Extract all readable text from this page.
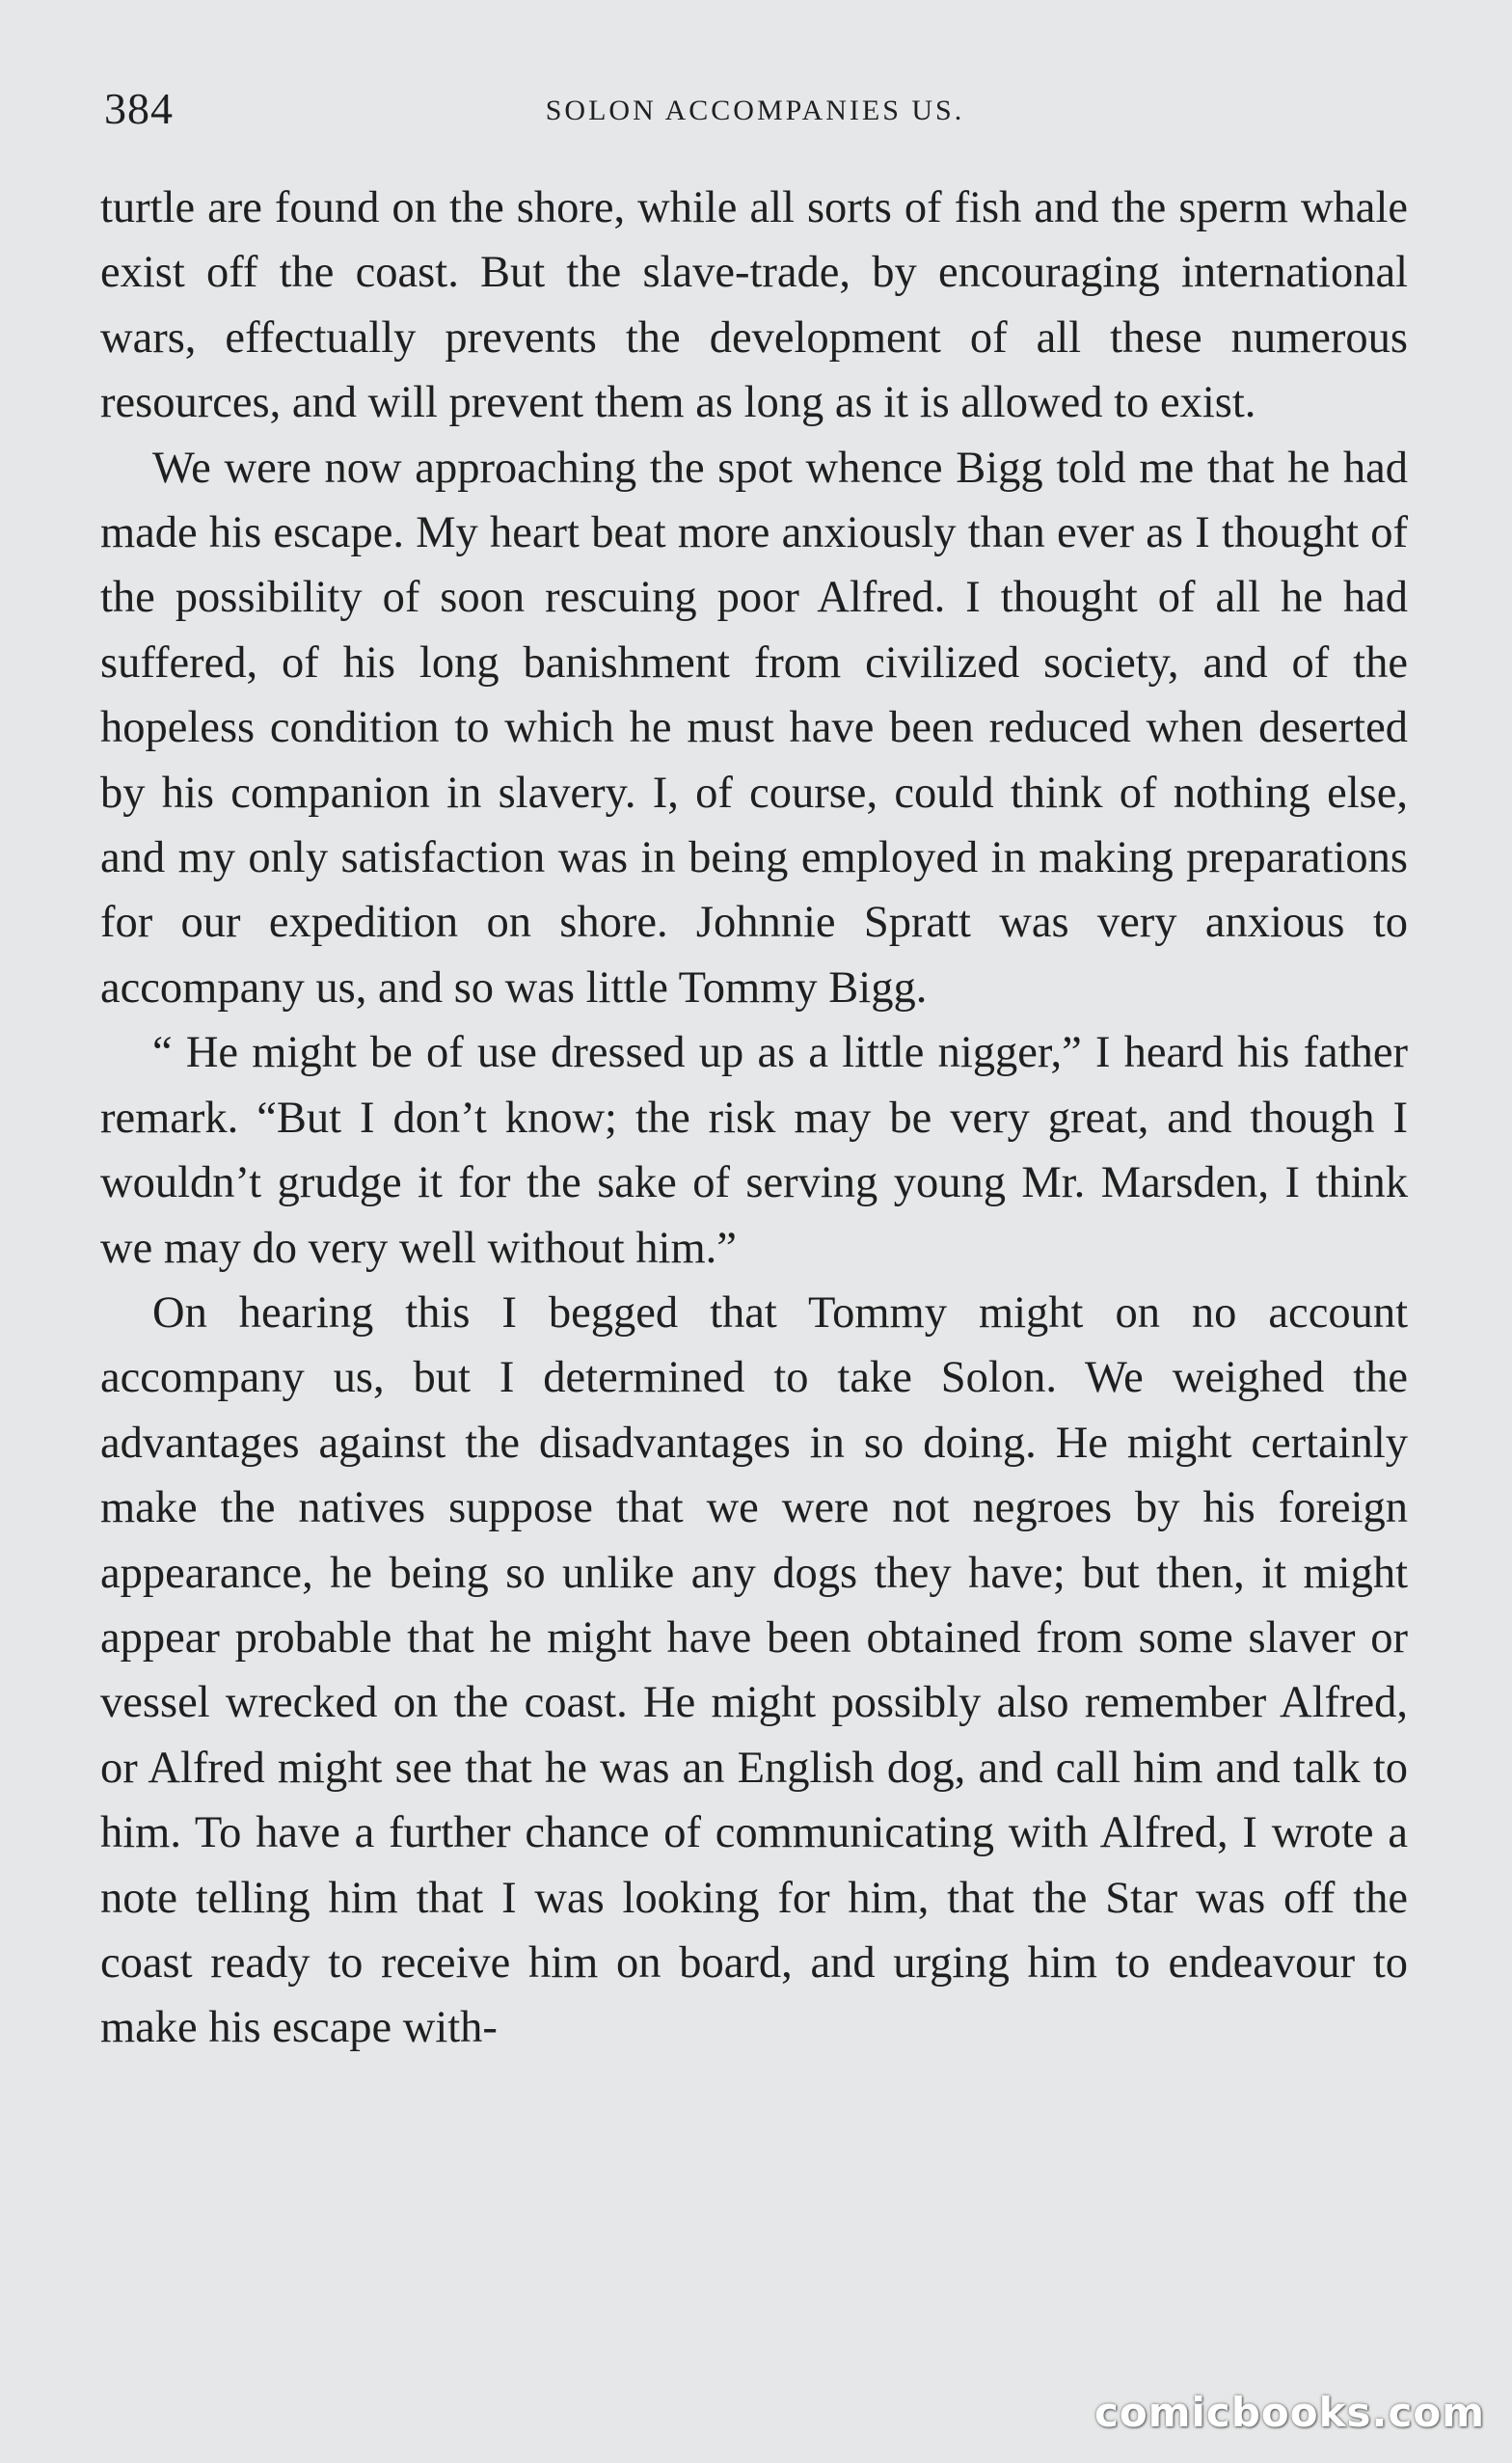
384	SOLON ACCOMPANIES US.

turtle are found on the shore, while all sorts of fish and the sperm whale exist off the coast. But the slave-trade, by encouraging international wars, effectually prevents the development of all these numerous resources, and will prevent them as long as it is allowed to exist.

We were now approaching the spot whence Bigg told me that he had made his escape. My heart beat more anxiously than ever as I thought of the possibility of soon rescuing poor Alfred. I thought of all he had suffered, of his long banishment from civilized society, and of the hopeless condition to which he must have been reduced when deserted by his companion in slavery. I, of course, could think of nothing else, and my only satisfaction was in being employed in making preparations for our expedition on shore. Johnnie Spratt was very anxious to accompany us, and so was little Tommy Bigg.

“ He might be of use dressed up as a little nigger,” I heard his father remark. “But I don’t know; the risk may be very great, and though I wouldn’t grudge it for the sake of serving young Mr. Marsden, I think we may do very well without him.”

On hearing this I begged that Tommy might on no account accompany us, but I determined to take Solon. We weighed the advantages against the disadvantages in so doing. He might certainly make the natives suppose that we were not negroes by his foreign appearance, he being so unlike any dogs they have; but then, it might appear probable that he might have been obtained from some slaver or vessel wrecked on the coast. He might possibly also remember Alfred, or Alfred might see that he was an English dog, and call him and talk to him. To have a further chance of communicating with Alfred, I wrote a note telling him that I was looking for him, that the Star was off the coast ready to receive him on board, and urging him to endeavour to make his escape with-

comicbooks.com
